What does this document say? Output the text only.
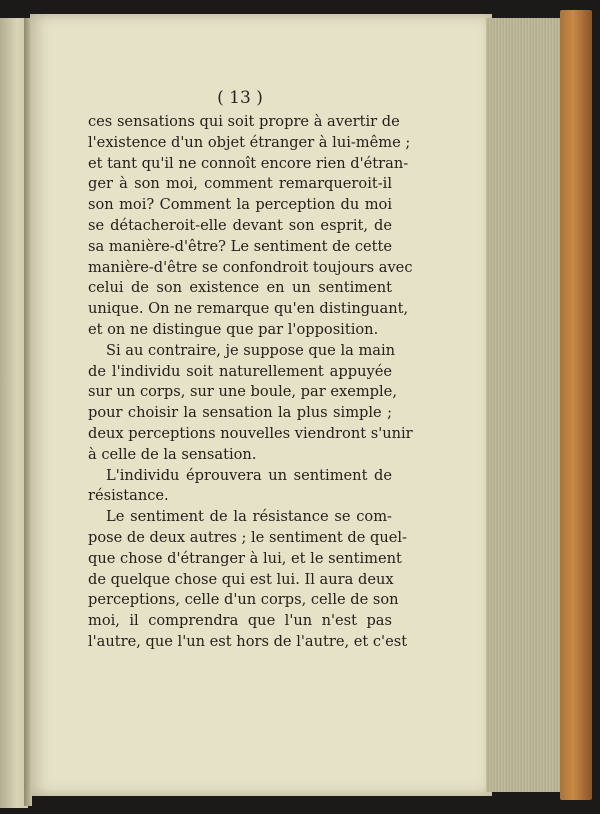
( 13 )
ces sensations qui soit propre à avertir de
l'existence d'un objet étranger à lui-même ;
et tant qu'il ne connoît encore rien d'étran-
ger à son moi, comment remarqueroit-il
son moi? Comment la perception du moi
se détacheroit-elle devant son esprit, de
sa manière-d'être? Le sentiment de cette
manière-d'être se confondroit toujours avec
celui de son existence en un sentiment
unique. On ne remarque qu'en distinguant,
et on ne distingue que par l'opposition.
Si au contraire, je suppose que la main
de l'individu soit naturellement appuyée
sur un corps, sur une boule, par exemple,
pour choisir la sensation la plus simple ;
deux perceptions nouvelles viendront s'unir
à celle de la sensation.
L'individu éprouvera un sentiment de
résistance.
Le sentiment de la résistance se com-
pose de deux autres ; le sentiment de quel-
que chose d'étranger à lui, et le sentiment
de quelque chose qui est lui. Il aura deux
perceptions, celle d'un corps, celle de son
moi, il comprendra que l'un n'est pas
l'autre, que l'un est hors de l'autre, et c'est
